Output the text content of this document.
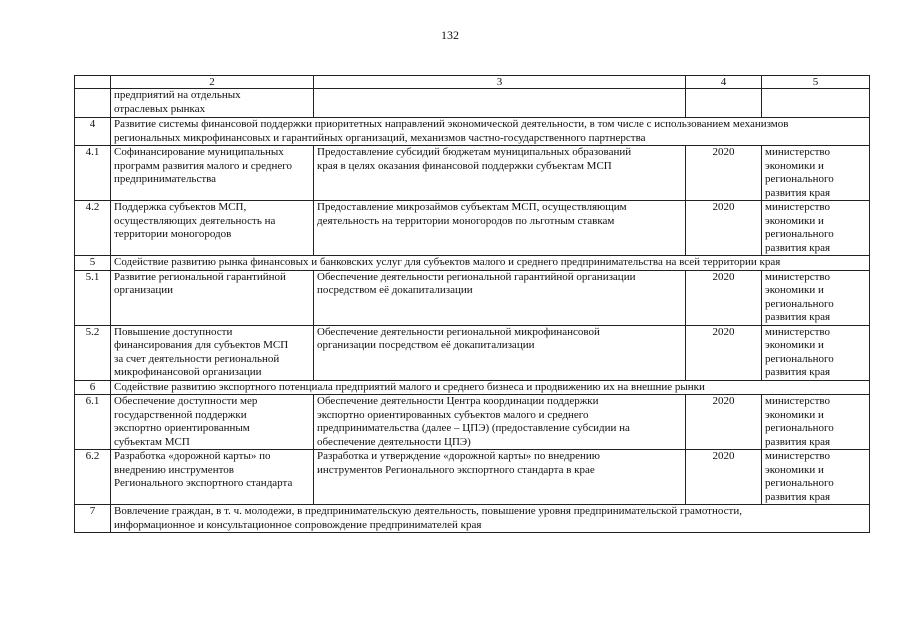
132
	2	3	4	5
	предприятий на отдельных
отраслевых рынках			
4	Развитие системы финансовой поддержки приоритетных направлений экономической деятельности, в том числе с использованием механизмов
региональных микрофинансовых и гарантийных организаций, механизмов частно-государственного партнерства			
4.1	Софинансирование муниципальных
программ развития малого и среднего
предпринимательства	Предоставление субсидий бюджетам муниципальных образований
края в целях оказания финансовой поддержки субъектам МСП	2020	министерство
экономики и
регионального
развития края
4.2	Поддержка субъектов МСП,
осуществляющих деятельность на
территории моногородов	Предоставление микрозаймов субъектам МСП, осуществляющим
деятельность на территории моногородов по льготным ставкам	2020	министерство
экономики и
регионального
развития края
5	Содействие развитию рынка финансовых и банковских услуг для субъектов малого и среднего предпринимательства на всей территории края			
5.1	Развитие региональной гарантийной
организации	Обеспечение деятельности региональной гарантийной организации
посредством её докапитализации	2020	министерство
экономики и
регионального
развития края
5.2	Повышение доступности
финансирования для субъектов МСП
за счет деятельности региональной
микрофинансовой организации	Обеспечение деятельности региональной микрофинансовой
организации посредством её докапитализации	2020	министерство
экономики и
регионального
развития края
6	Содействие развитию экспортного потенциала предприятий малого и среднего бизнеса и продвижению их на внешние рынки			
6.1	Обеспечение доступности мер
государственной поддержки
экспортно ориентированным
субъектам МСП	Обеспечение деятельности Центра координации поддержки
экспортно ориентированных субъектов малого и среднего
предпринимательства (далее – ЦПЭ) (предоставление субсидии на
обеспечение деятельности ЦПЭ)	2020	министерство
экономики и
регионального
развития края
6.2	Разработка «дорожной карты» по
внедрению инструментов
Регионального экспортного стандарта	Разработка и утверждение «дорожной карты» по внедрению
инструментов Регионального экспортного стандарта в крае	2020	министерство
экономики и
регионального
развития края
7	Вовлечение граждан, в т. ч. молодежи, в предпринимательскую деятельность, повышение уровня предпринимательской грамотности,
информационное и консультационное сопровождение предпринимателей края			
